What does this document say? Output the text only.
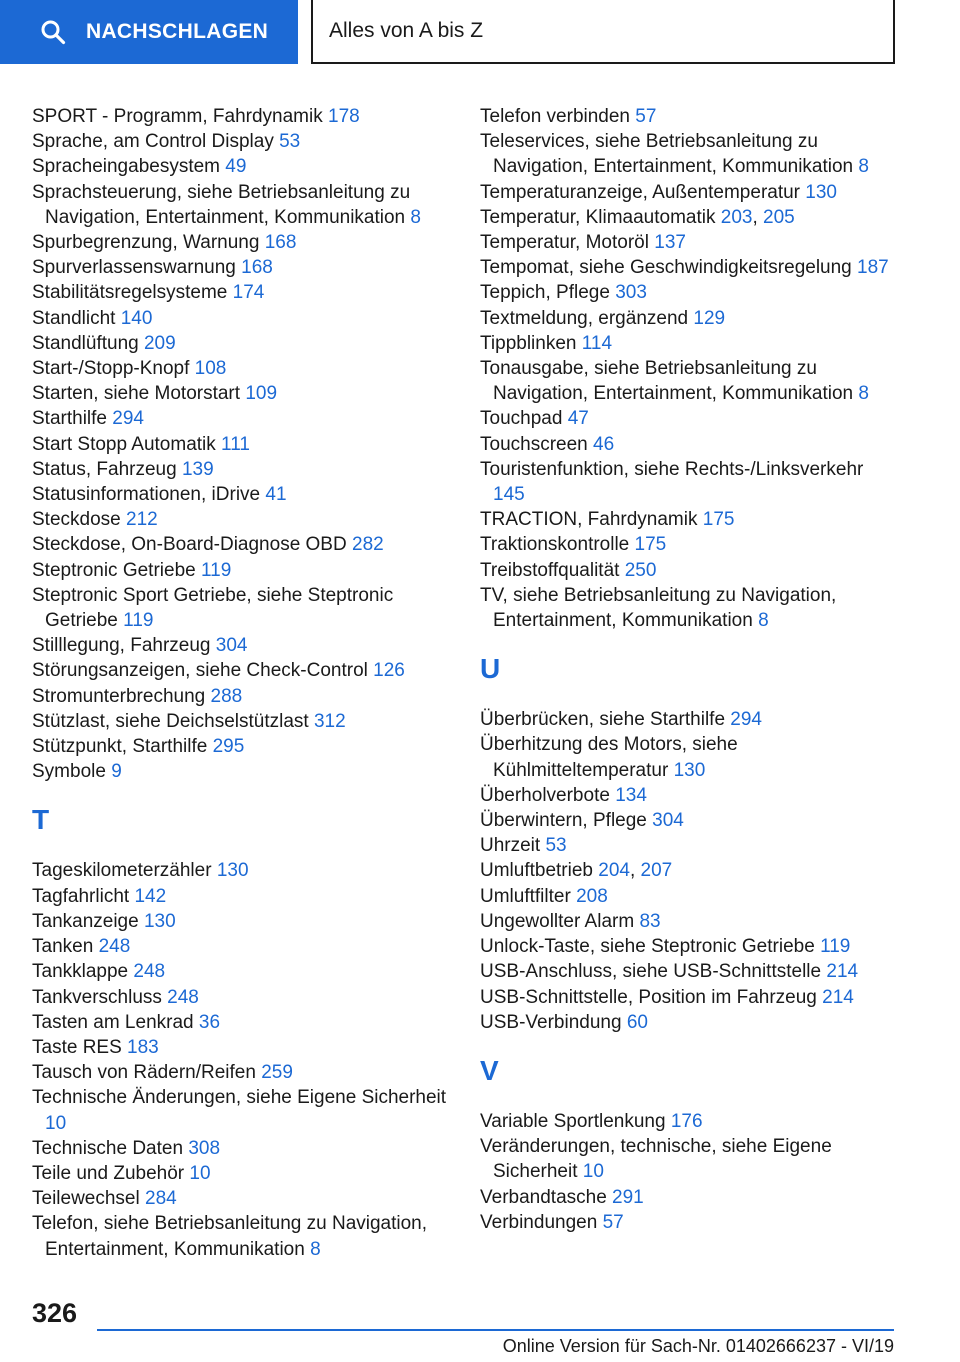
NACHSCHLAGEN	Alles von A bis Z
SPORT - Programm, Fahrdynamik 178
Sprache, am Control Display 53
Spracheingabesystem 49
Sprachsteuerung, siehe Betriebsanleitung zu Navigation, Entertainment, Kommunikation 8
Spurbegrenzung, Warnung 168
Spurverlassenswarnung 168
Stabilitätsregelsysteme 174
Standlicht 140
Standlüftung 209
Start-/Stopp-Knopf 108
Starten, siehe Motorstart 109
Starthilfe 294
Start Stopp Automatik 111
Status, Fahrzeug 139
Statusinformationen, iDrive 41
Steckdose 212
Steckdose, On-Board-Diagnose OBD 282
Steptronic Getriebe 119
Steptronic Sport Getriebe, siehe Steptronic Getriebe 119
Stilllegung, Fahrzeug 304
Störungsanzeigen, siehe Check-Control 126
Stromunterbrechung 288
Stützlast, siehe Deichselstützlast 312
Stützpunkt, Starthilfe 295
Symbole 9
T
Tageskilometerzähler 130
Tagfahrlicht 142
Tankanzeige 130
Tanken 248
Tankklappe 248
Tankverschluss 248
Tasten am Lenkrad 36
Taste RES 183
Tausch von Rädern/Reifen 259
Technische Änderungen, siehe Eigene Sicherheit 10
Technische Daten 308
Teile und Zubehör 10
Teilewechsel 284
Telefon, siehe Betriebsanleitung zu Navigation, Entertainment, Kommunikation 8
Telefon verbinden 57
Teleservices, siehe Betriebsanleitung zu Navigation, Entertainment, Kommunikation 8
Temperaturanzeige, Außentemperatur 130
Temperatur, Klimaautomatik 203, 205
Temperatur, Motoröl 137
Tempomat, siehe Geschwindigkeitsregelung 187
Teppich, Pflege 303
Textmeldung, ergänzend 129
Tippblinken 114
Tonausgabe, siehe Betriebsanleitung zu Navigation, Entertainment, Kommunikation 8
Touchpad 47
Touchscreen 46
Touristenfunktion, siehe Rechts-/Linksverkehr 145
TRACTION, Fahrdynamik 175
Traktionskontrolle 175
Treibstoffqualität 250
TV, siehe Betriebsanleitung zu Navigation, Entertainment, Kommunikation 8
U
Überbrücken, siehe Starthilfe 294
Überhitzung des Motors, siehe Kühlmitteltemperatur 130
Überholverbote 134
Überwintern, Pflege 304
Uhrzeit 53
Umluftbetrieb 204, 207
Umluftfilter 208
Ungewollter Alarm 83
Unlock-Taste, siehe Steptronic Getriebe 119
USB-Anschluss, siehe USB-Schnittstelle 214
USB-Schnittstelle, Position im Fahrzeug 214
USB-Verbindung 60
V
Variable Sportlenkung 176
Veränderungen, technische, siehe Eigene Sicherheit 10
Verbandtasche 291
Verbindungen 57
326
Online Version für Sach-Nr. 01402666237 - VI/19
